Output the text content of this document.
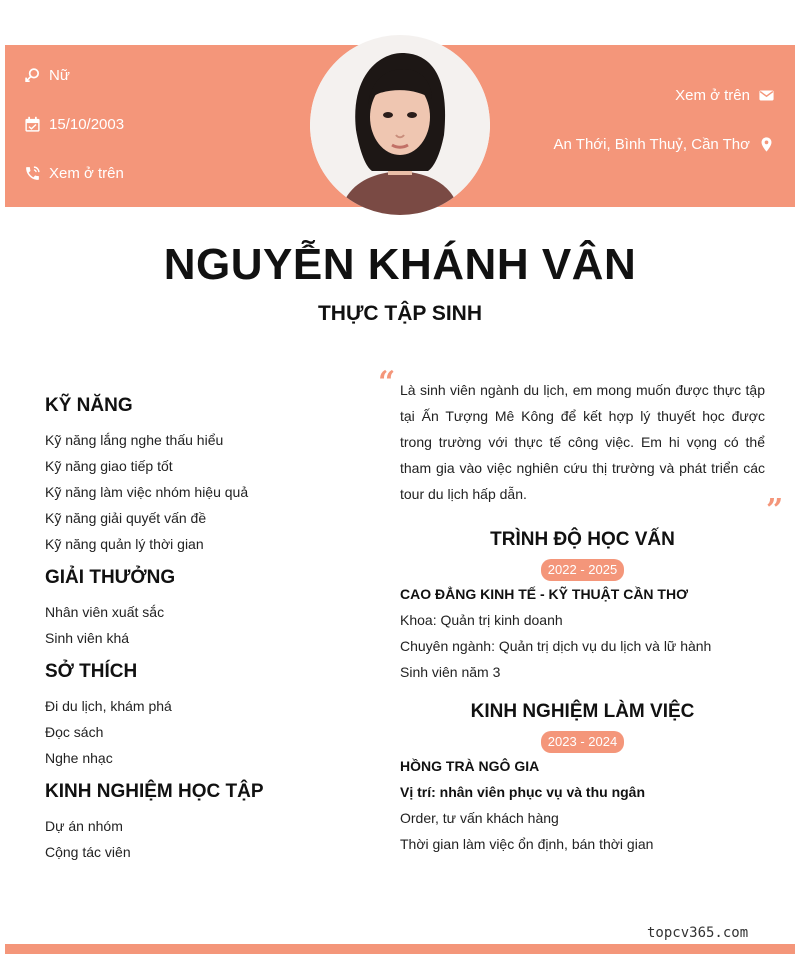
Nữ
15/10/2003
Xem ở trên
Xem ở trên
An Thới, Bình Thuỷ, Cần Thơ
NGUYỄN KHÁNH VÂN
THỰC TẬP SINH
KỸ NĂNG
Kỹ năng lắng nghe thấu hiểu
Kỹ năng giao tiếp tốt
Kỹ năng làm việc nhóm hiệu quả
Kỹ năng giải quyết vấn đề
Kỹ năng quản lý thời gian
GIẢI THƯỞNG
Nhân viên xuất sắc
Sinh viên khá
SỞ THÍCH
Đi du lịch, khám phá
Đọc sách
Nghe nhạc
KINH NGHIỆM HỌC TẬP
Dự án nhóm
Cộng tác viên
“
”
Là sinh viên ngành du lịch, em mong muốn được thực tập tại Ấn Tượng Mê Kông để kết hợp lý thuyết học được trong trường với thực tế công việc. Em hi vọng có thể tham gia vào việc nghiên cứu thị trường và phát triển các tour du lịch hấp dẫn.
TRÌNH ĐỘ HỌC VẤN
2022 - 2025
CAO ĐẲNG KINH TẾ - KỸ THUẬT CẦN THƠ
Khoa: Quản trị kinh doanh
Chuyên ngành: Quản trị dịch vụ du lịch và lữ hành
Sinh viên năm 3
KINH NGHIỆM LÀM VIỆC
2023 - 2024
HỒNG TRÀ NGÔ GIA
Vị trí: nhân viên phục vụ và thu ngân
Order, tư vấn khách hàng
Thời gian làm việc ổn định, bán thời gian
topcv365.com
